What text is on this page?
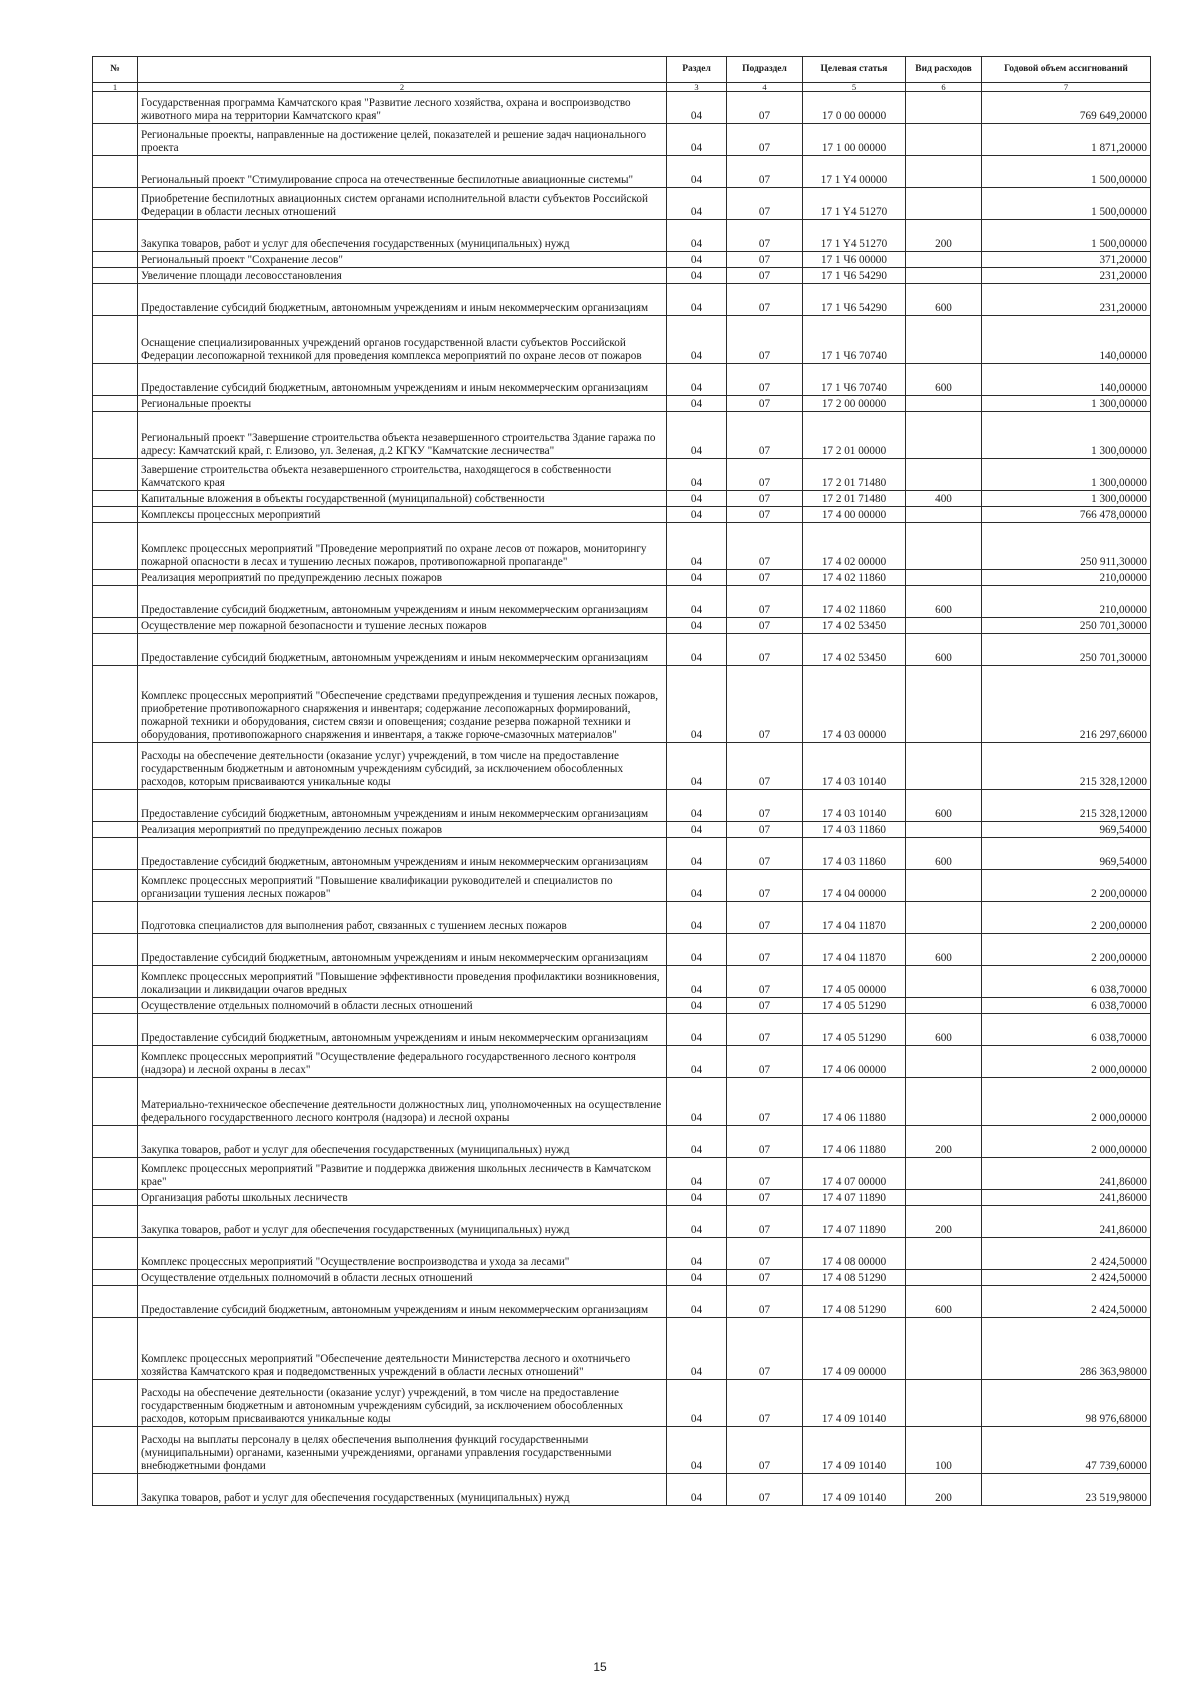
№		Раздел	Подраздел	Целевая статья	Вид расходов	Годовой объем ассигнований
1	2	3	4	5	6	7
	Государственная программа Камчатского края "Развитие лесного хозяйства, охрана и воспроизводство животного мира на территории Камчатского края"	04	07	17 0 00 00000		769 649,20000
	Региональные проекты, направленные на достижение целей, показателей и решение задач национального проекта	04	07	17 1 00 00000		1 871,20000
	Региональный проект "Стимулирование спроса на отечественные беспилотные авиационные системы"	04	07	17 1 Y4 00000		1 500,00000
	Приобретение беспилотных авиационных систем органами исполнительной власти субъектов Российской Федерации в области лесных отношений	04	07	17 1 Y4 51270		1 500,00000
	Закупка товаров, работ и услуг для обеспечения государственных (муниципальных) нужд	04	07	17 1 Y4 51270	200	1 500,00000
	Региональный проект "Сохранение лесов"	04	07	17 1 Ч6 00000		371,20000
	Увеличение площади лесовосстановления	04	07	17 1 Ч6 54290		231,20000
	Предоставление субсидий бюджетным, автономным учреждениям и иным некоммерческим организациям	04	07	17 1 Ч6 54290	600	231,20000
	Оснащение специализированных учреждений органов государственной власти субъектов Российской Федерации лесопожарной техникой для проведения комплекса мероприятий по охране лесов от пожаров	04	07	17 1 Ч6 70740		140,00000
	Предоставление субсидий бюджетным, автономным учреждениям и иным некоммерческим организациям	04	07	17 1 Ч6 70740	600	140,00000
	Региональные проекты	04	07	17 2 00 00000		1 300,00000
	Региональный проект "Завершение строительства объекта незавершенного строительства Здание гаража по адресу: Камчатский край, г. Елизово, ул. Зеленая, д.2 КГКУ "Камчатские лесничества"	04	07	17 2 01 00000		1 300,00000
	Завершение строительства объекта незавершенного строительства, находящегося в собственности Камчатского края	04	07	17 2 01 71480		1 300,00000
	Капитальные вложения в объекты государственной (муниципальной) собственности	04	07	17 2 01 71480	400	1 300,00000
	Комплексы процессных мероприятий	04	07	17 4 00 00000		766 478,00000
	Комплекс процессных мероприятий "Проведение мероприятий по охране лесов от пожаров, мониторингу пожарной опасности в лесах и тушению лесных пожаров, противопожарной пропаганде"	04	07	17 4 02 00000		250 911,30000
	Реализация мероприятий по предупреждению лесных пожаров	04	07	17 4 02 11860		210,00000
	Предоставление субсидий бюджетным, автономным учреждениям и иным некоммерческим организациям	04	07	17 4 02 11860	600	210,00000
	Осуществление мер пожарной безопасности и тушение лесных пожаров	04	07	17 4 02 53450		250 701,30000
	Предоставление субсидий бюджетным, автономным учреждениям и иным некоммерческим организациям	04	07	17 4 02 53450	600	250 701,30000
	Комплекс процессных мероприятий "Обеспечение средствами предупреждения и тушения лесных пожаров, приобретение противопожарного снаряжения и инвентаря; содержание лесопожарных формирований, пожарной техники и оборудования, систем связи и оповещения; создание резерва пожарной техники и оборудования, противопожарного снаряжения и инвентаря, а также горюче-смазочных материалов"	04	07	17 4 03 00000		216 297,66000
	Расходы на обеспечение деятельности (оказание услуг) учреждений, в том числе на предоставление государственным бюджетным и автономным учреждениям субсидий, за исключением обособленных расходов, которым присваиваются уникальные коды	04	07	17 4 03 10140		215 328,12000
	Предоставление субсидий бюджетным, автономным учреждениям и иным некоммерческим организациям	04	07	17 4 03 10140	600	215 328,12000
	Реализация мероприятий по предупреждению лесных пожаров	04	07	17 4 03 11860		969,54000
	Предоставление субсидий бюджетным, автономным учреждениям и иным некоммерческим организациям	04	07	17 4 03 11860	600	969,54000
	Комплекс процессных мероприятий "Повышение квалификации руководителей и специалистов по организации тушения лесных пожаров"	04	07	17 4 04 00000		2 200,00000
	Подготовка специалистов для выполнения работ, связанных с тушением лесных пожаров	04	07	17 4 04 11870		2 200,00000
	Предоставление субсидий бюджетным, автономным учреждениям и иным некоммерческим организациям	04	07	17 4 04 11870	600	2 200,00000
	Комплекс процессных мероприятий "Повышение эффективности проведения профилактики возникновения, локализации и ликвидации очагов вредных	04	07	17 4 05 00000		6 038,70000
	Осуществление отдельных полномочий в области лесных отношений	04	07	17 4 05 51290		6 038,70000
	Предоставление субсидий бюджетным, автономным учреждениям и иным некоммерческим организациям	04	07	17 4 05 51290	600	6 038,70000
	Комплекс процессных мероприятий "Осуществление федерального государственного лесного контроля (надзора) и лесной охраны в лесах"	04	07	17 4 06 00000		2 000,00000
	Материально-техническое обеспечение деятельности должностных лиц, уполномоченных на осуществление федерального государственного лесного контроля (надзора) и лесной охраны	04	07	17 4 06 11880		2 000,00000
	Закупка товаров, работ и услуг для обеспечения государственных (муниципальных) нужд	04	07	17 4 06 11880	200	2 000,00000
	Комплекс процессных мероприятий "Развитие и поддержка движения школьных лесничеств в Камчатском крае"	04	07	17 4 07 00000		241,86000
	Организация работы школьных лесничеств	04	07	17 4 07 11890		241,86000
	Закупка товаров, работ и услуг для обеспечения государственных (муниципальных) нужд	04	07	17 4 07 11890	200	241,86000
	Комплекс процессных мероприятий "Осуществление воспроизводства и ухода за лесами"	04	07	17 4 08 00000		2 424,50000
	Осуществление отдельных полномочий в области лесных отношений	04	07	17 4 08 51290		2 424,50000
	Предоставление субсидий бюджетным, автономным учреждениям и иным некоммерческим организациям	04	07	17 4 08 51290	600	2 424,50000
	Комплекс процессных мероприятий "Обеспечение деятельности Министерства лесного и охотничьего хозяйства Камчатского края и подведомственных учреждений в области лесных отношений"	04	07	17 4 09 00000		286 363,98000
	Расходы на обеспечение деятельности (оказание услуг) учреждений, в том числе на предоставление государственным бюджетным и автономным учреждениям субсидий, за исключением обособленных расходов, которым присваиваются уникальные коды	04	07	17 4 09 10140		98 976,68000
	Расходы на выплаты персоналу в целях обеспечения выполнения функций государственными (муниципальными) органами, казенными учреждениями, органами управления государственными внебюджетными фондами	04	07	17 4 09 10140	100	47 739,60000
	Закупка товаров, работ и услуг для обеспечения государственных (муниципальных) нужд	04	07	17 4 09 10140	200	23 519,98000
15
